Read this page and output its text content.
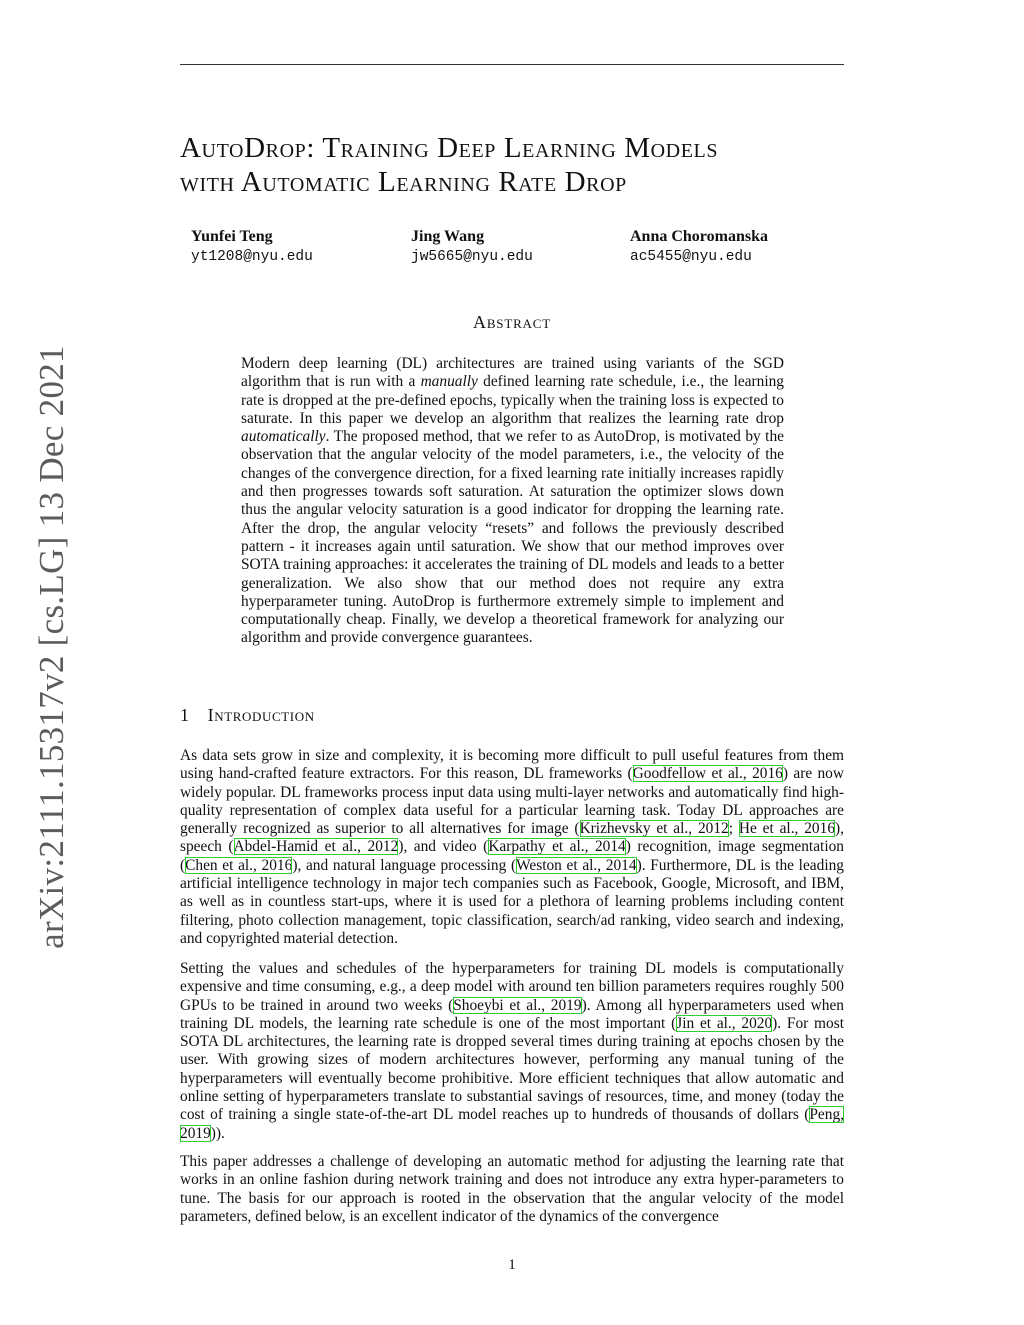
arXiv:2111.15317v2 [cs.LG] 13 Dec 2021
AutoDrop: Training Deep Learning Models
with Automatic Learning Rate Drop
Yunfei Teng
yt1208@nyu.edu
Jing Wang
jw5665@nyu.edu
Anna Choromanska
ac5455@nyu.edu
Abstract

Modern deep learning (DL) architectures are trained using variants of the SGD algorithm that is run with a manually defined learning rate schedule, i.e., the learning rate is dropped at the pre-defined epochs, typically when the training loss is expected to saturate. In this paper we develop an algorithm that realizes the learning rate drop automatically. The proposed method, that we refer to as AutoDrop, is motivated by the observation that the angular velocity of the model parameters, i.e., the velocity of the changes of the convergence direction, for a fixed learning rate initially increases rapidly and then progresses towards soft saturation. At saturation the optimizer slows down thus the angular velocity saturation is a good indicator for dropping the learning rate. After the drop, the angular velocity “resets” and follows the previously described pattern - it increases again until saturation. We show that our method improves over SOTA training approaches: it accelerates the training of DL models and leads to a better generalization. We also show that our method does not require any extra hyperparameter tuning. AutoDrop is furthermore extremely simple to implement and computationally cheap. Finally, we develop a theoretical framework for analyzing our algorithm and provide convergence guarantees.

1 Introduction

As data sets grow in size and complexity, it is becoming more difficult to pull useful features from them using hand-crafted feature extractors. For this reason, DL frameworks (Goodfellow et al., 2016) are now widely popular. DL frameworks process input data using multi-layer networks and automatically find high-quality representation of complex data useful for a particular learning task. Today DL approaches are generally recognized as superior to all alternatives for image (Krizhevsky et al., 2012; He et al., 2016), speech (Abdel-Hamid et al., 2012), and video (Karpathy et al., 2014) recognition, image segmentation (Chen et al., 2016), and natural language processing (Weston et al., 2014). Furthermore, DL is the leading artificial intelligence technology in major tech companies such as Facebook, Google, Microsoft, and IBM, as well as in countless start-ups, where it is used for a plethora of learning problems including content filtering, photo collection management, topic classification, search/ad ranking, video search and indexing, and copyrighted material detection.

Setting the values and schedules of the hyperparameters for training DL models is computationally expensive and time consuming, e.g., a deep model with around ten billion parameters requires roughly 500 GPUs to be trained in around two weeks (Shoeybi et al., 2019). Among all hyperparameters used when training DL models, the learning rate schedule is one of the most important (Jin et al., 2020). For most SOTA DL architectures, the learning rate is dropped several times during training at epochs chosen by the user. With growing sizes of modern architectures however, performing any manual tuning of the hyperparameters will eventually become prohibitive. More efficient techniques that allow automatic and online setting of hyperparameters translate to substantial savings of resources, time, and money (today the cost of training a single state-of-the-art DL model reaches up to hundreds of thousands of dollars (Peng, 2019)).

This paper addresses a challenge of developing an automatic method for adjusting the learning rate that works in an online fashion during network training and does not introduce any extra hyper-parameters to tune. The basis for our approach is rooted in the observation that the angular velocity of the model parameters, defined below, is an excellent indicator of the dynamics of the convergence

1
